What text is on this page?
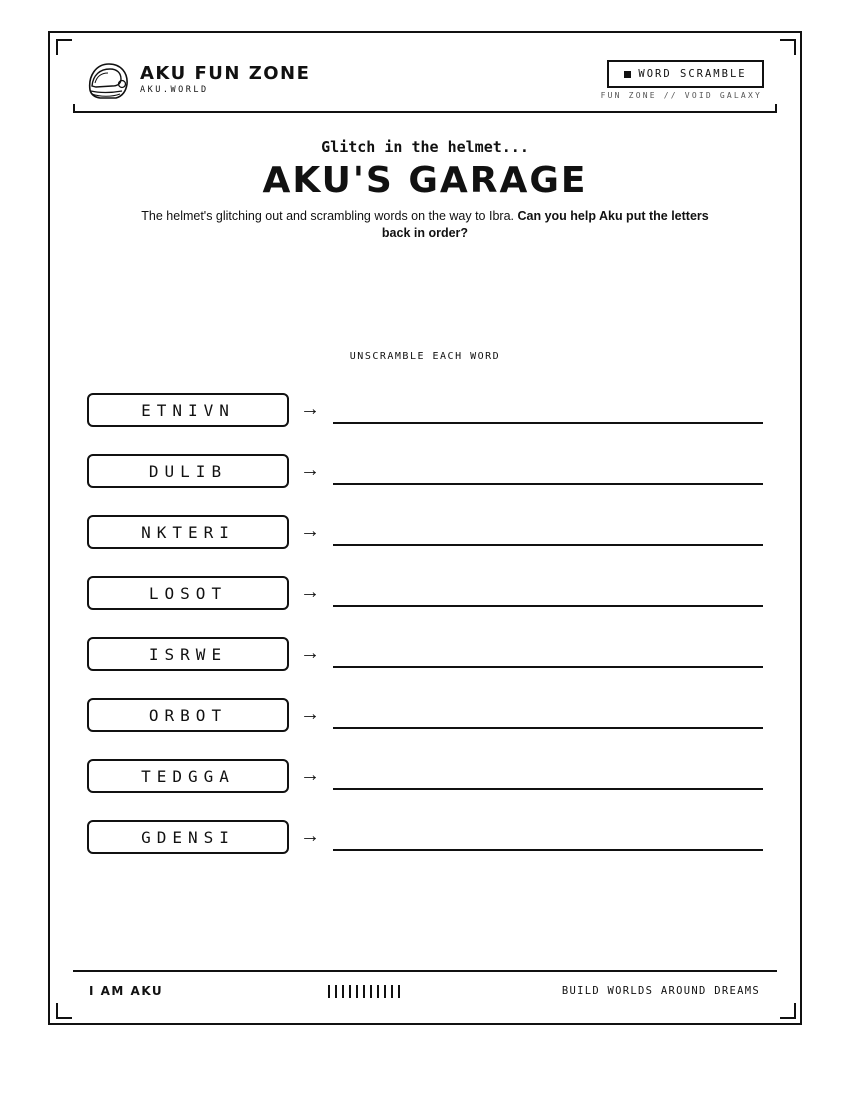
AKU FUN ZONE
AKU.WORLD
WORD SCRAMBLE
FUN ZONE // VOID GALAXY
Glitch in the helmet...
AKU'S GARAGE
The helmet's glitching out and scrambling words on the way to Ibra. Can you help Aku put the letters back in order?
UNSCRAMBLE EACH WORD
ETNIVN	→
DULIB	→
NKTERI	→
LOSOT	→
ISRWE	→
ORBOT	→
TEDGGA	→
GDENSI	→
I AM AKU	BUILD WORLDS AROUND DREAMS
